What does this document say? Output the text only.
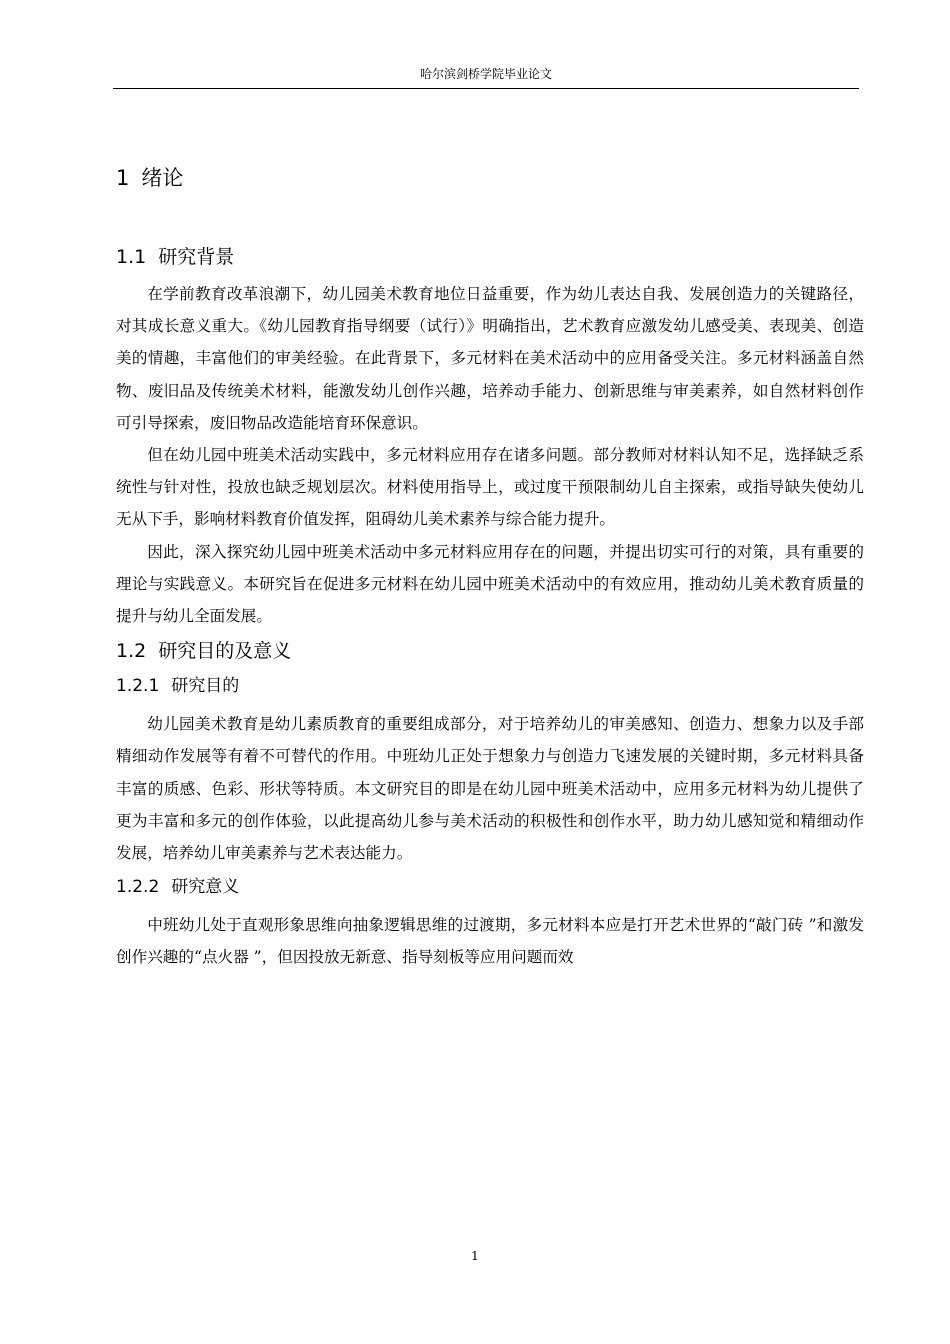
哈尔滨剑桥学院毕业论文
1 绪论
1.1 研究背景

在学前教育改革浪潮下，幼儿园美术教育地位日益重要，作为幼儿表达自我、发展创造力的关键路径，对其成长意义重大。《幼儿园教育指导纲要（试行）》明确指出，艺术教育应激发幼儿感受美、表现美、创造美的情趣，丰富他们的审美经验。在此背景下，多元材料在美术活动中的应用备受关注。多元材料涵盖自然物、废旧品及传统美术材料，能激发幼儿创作兴趣，培养动手能力、创新思维与审美素养，如自然材料创作可引导探索，废旧物品改造能培育环保意识。

但在幼儿园中班美术活动实践中，多元材料应用存在诸多问题。部分教师对材料认知不足，选择缺乏系统性与针对性，投放也缺乏规划层次。材料使用指导上，或过度干预限制幼儿自主探索，或指导缺失使幼儿无从下手，影响材料教育价值发挥，阻碍幼儿美术素养与综合能力提升。

因此，深入探究幼儿园中班美术活动中多元材料应用存在的问题，并提出切实可行的对策，具有重要的理论与实践意义。本研究旨在促进多元材料在幼儿园中班美术活动中的有效应用，推动幼儿美术教育质量的提升与幼儿全面发展。

1.2 研究目的及意义
1.2.1 研究目的

幼儿园美术教育是幼儿素质教育的重要组成部分，对于培养幼儿的审美感知、创造力、想象力以及手部精细动作发展等有着不可替代的作用。中班幼儿正处于想象力与创造力飞速发展的关键时期，多元材料具备丰富的质感、色彩、形状等特质。本文研究目的即是在幼儿园中班美术活动中，应用多元材料为幼儿提供了更为丰富和多元的创作体验，以此提高幼儿参与美术活动的积极性和创作水平，助力幼儿感知觉和精细动作发展，培养幼儿审美素养与艺术表达能力。

1.2.2 研究意义

中班幼儿处于直观形象思维向抽象逻辑思维的过渡期，多元材料本应是打开艺术世界的“敲门砖 ”和激发创作兴趣的“点火器 ”，但因投放无新意、指导刻板等应用问题而效

1
